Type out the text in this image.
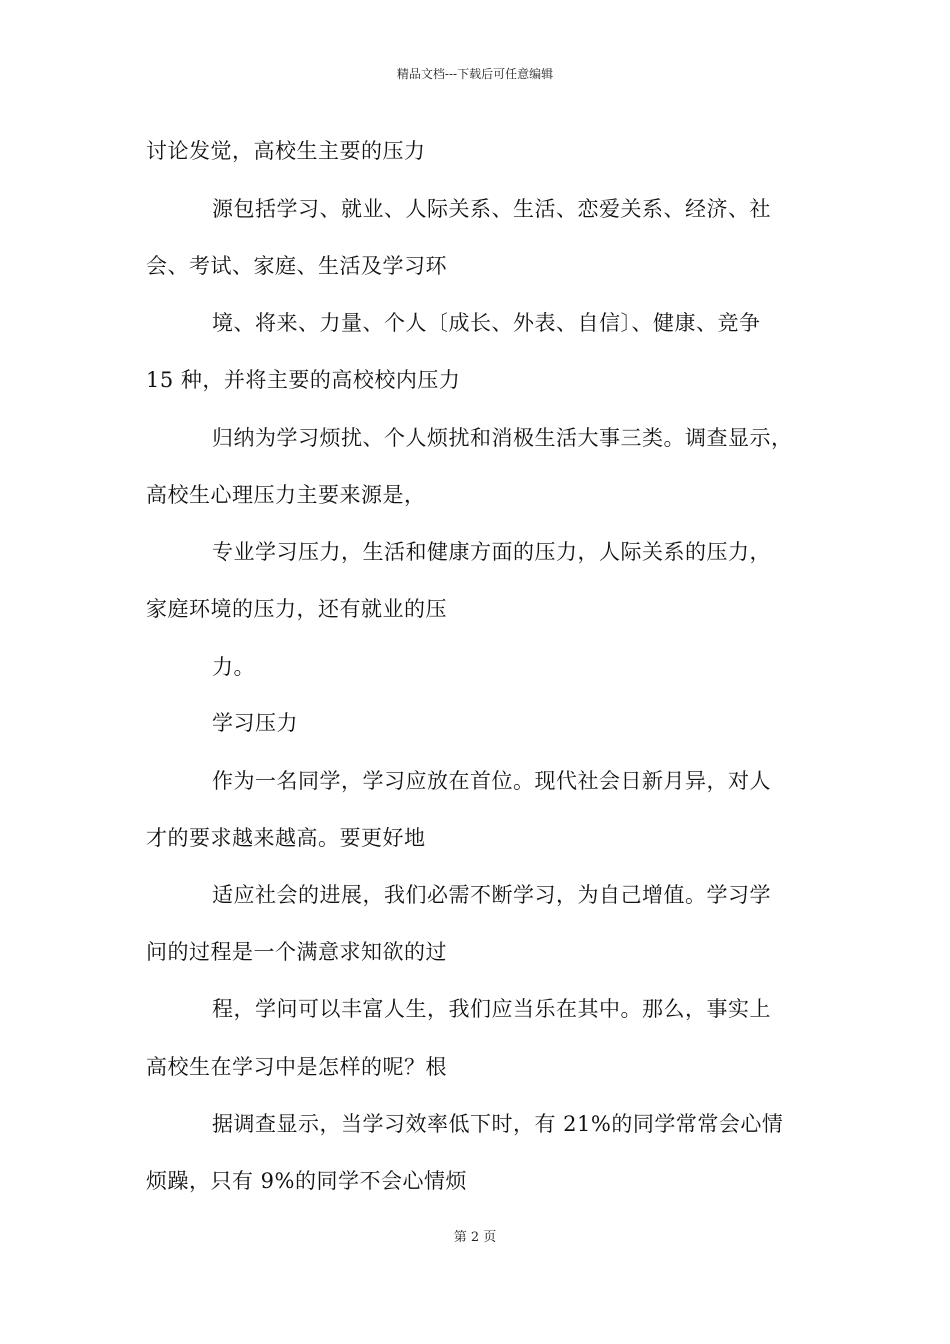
精品文档---下载后可任意编辑
讨论发觉，高校生主要的压力
源包括学习、就业、人际关系、生活、恋爱关系、经济、社
会、考试、家庭、生活及学习环
境、将来、力量、个人〔成长、外表、自信〕、健康、竞争
15 种，并将主要的高校校内压力
归纳为学习烦扰、个人烦扰和消极生活大事三类。调查显示，
高校生心理压力主要来源是，
专业学习压力，生活和健康方面的压力，人际关系的压力，
家庭环境的压力，还有就业的压
力。
学习压力
作为一名同学，学习应放在首位。现代社会日新月异，对人
才的要求越来越高。要更好地
适应社会的进展，我们必需不断学习，为自己增值。学习学
问的过程是一个满意求知欲的过
程，学问可以丰富人生，我们应当乐在其中。那么，事实上
高校生在学习中是怎样的呢？根
据调查显示，当学习效率低下时，有 21%的同学常常会心情
烦躁，只有 9%的同学不会心情烦
第 2 页
